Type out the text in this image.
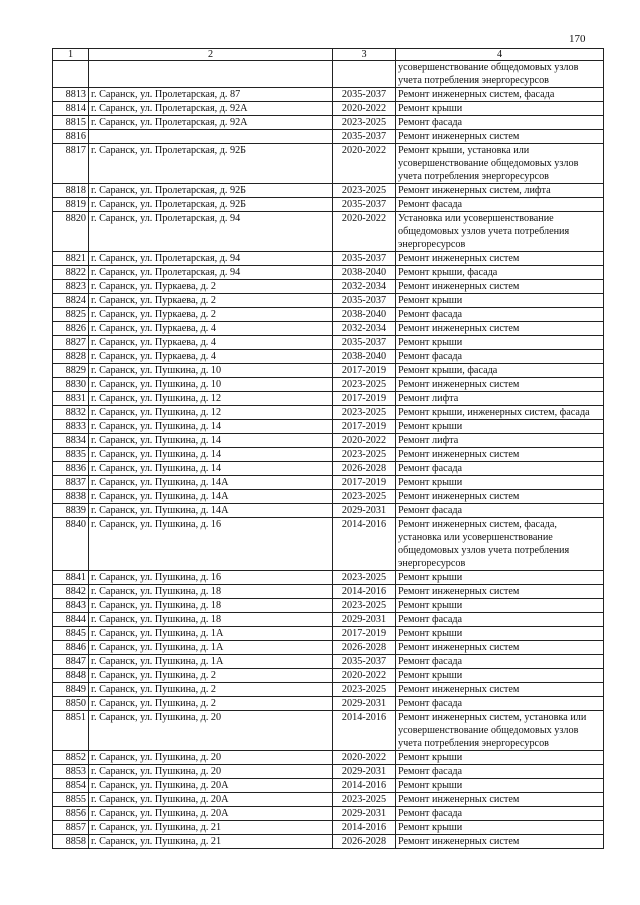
170
1	2	3	4
			усовершенствование общедомовых узлов учета потребления энергоресурсов
8813	г. Саранск, ул. Пролетарская, д. 87	2035-2037	Ремонт инженерных систем, фасада
8814	г. Саранск, ул. Пролетарская, д. 92А	2020-2022	Ремонт крыши
8815	г. Саранск, ул. Пролетарская, д. 92А	2023-2025	Ремонт фасада
8816		2035-2037	Ремонт инженерных систем
8817	г. Саранск, ул. Пролетарская, д. 92Б	2020-2022	Ремонт крыши, установка или усовершенствование общедомовых узлов учета потребления энергоресурсов
8818	г. Саранск, ул. Пролетарская, д. 92Б	2023-2025	Ремонт инженерных систем, лифта
8819	г. Саранск, ул. Пролетарская, д. 92Б	2035-2037	Ремонт фасада
8820	г. Саранск, ул. Пролетарская, д. 94	2020-2022	Установка или усовершенствование общедомовых узлов учета потребления энергоресурсов
8821	г. Саранск, ул. Пролетарская, д. 94	2035-2037	Ремонт инженерных систем
8822	г. Саранск, ул. Пролетарская, д. 94	2038-2040	Ремонт крыши, фасада
8823	г. Саранск, ул. Пуркаева, д. 2	2032-2034	Ремонт инженерных систем
8824	г. Саранск, ул. Пуркаева, д. 2	2035-2037	Ремонт крыши
8825	г. Саранск, ул. Пуркаева, д. 2	2038-2040	Ремонт фасада
8826	г. Саранск, ул. Пуркаева, д. 4	2032-2034	Ремонт инженерных систем
8827	г. Саранск, ул. Пуркаева, д. 4	2035-2037	Ремонт крыши
8828	г. Саранск, ул. Пуркаева, д. 4	2038-2040	Ремонт фасада
8829	г. Саранск, ул. Пушкина, д. 10	2017-2019	Ремонт крыши, фасада
8830	г. Саранск, ул. Пушкина, д. 10	2023-2025	Ремонт инженерных систем
8831	г. Саранск, ул. Пушкина, д. 12	2017-2019	Ремонт лифта
8832	г. Саранск, ул. Пушкина, д. 12	2023-2025	Ремонт крыши, инженерных систем, фасада
8833	г. Саранск, ул. Пушкина, д. 14	2017-2019	Ремонт крыши
8834	г. Саранск, ул. Пушкина, д. 14	2020-2022	Ремонт лифта
8835	г. Саранск, ул. Пушкина, д. 14	2023-2025	Ремонт инженерных систем
8836	г. Саранск, ул. Пушкина, д. 14	2026-2028	Ремонт фасада
8837	г. Саранск, ул. Пушкина, д. 14А	2017-2019	Ремонт крыши
8838	г. Саранск, ул. Пушкина, д. 14А	2023-2025	Ремонт инженерных систем
8839	г. Саранск, ул. Пушкина, д. 14А	2029-2031	Ремонт фасада
8840	г. Саранск, ул. Пушкина, д. 16	2014-2016	Ремонт инженерных систем, фасада, установка или усовершенствование общедомовых узлов учета потребления энергоресурсов
8841	г. Саранск, ул. Пушкина, д. 16	2023-2025	Ремонт крыши
8842	г. Саранск, ул. Пушкина, д. 18	2014-2016	Ремонт инженерных систем
8843	г. Саранск, ул. Пушкина, д. 18	2023-2025	Ремонт крыши
8844	г. Саранск, ул. Пушкина, д. 18	2029-2031	Ремонт фасада
8845	г. Саранск, ул. Пушкина, д. 1А	2017-2019	Ремонт крыши
8846	г. Саранск, ул. Пушкина, д. 1А	2026-2028	Ремонт инженерных систем
8847	г. Саранск, ул. Пушкина, д. 1А	2035-2037	Ремонт фасада
8848	г. Саранск, ул. Пушкина, д. 2	2020-2022	Ремонт крыши
8849	г. Саранск, ул. Пушкина, д. 2	2023-2025	Ремонт инженерных систем
8850	г. Саранск, ул. Пушкина, д. 2	2029-2031	Ремонт фасада
8851	г. Саранск, ул. Пушкина, д. 20	2014-2016	Ремонт инженерных систем, установка или усовершенствование общедомовых узлов учета потребления энергоресурсов
8852	г. Саранск, ул. Пушкина, д. 20	2020-2022	Ремонт крыши
8853	г. Саранск, ул. Пушкина, д. 20	2029-2031	Ремонт фасада
8854	г. Саранск, ул. Пушкина, д. 20А	2014-2016	Ремонт крыши
8855	г. Саранск, ул. Пушкина, д. 20А	2023-2025	Ремонт инженерных систем
8856	г. Саранск, ул. Пушкина, д. 20А	2029-2031	Ремонт фасада
8857	г. Саранск, ул. Пушкина, д. 21	2014-2016	Ремонт крыши
8858	г. Саранск, ул. Пушкина, д. 21	2026-2028	Ремонт инженерных систем
